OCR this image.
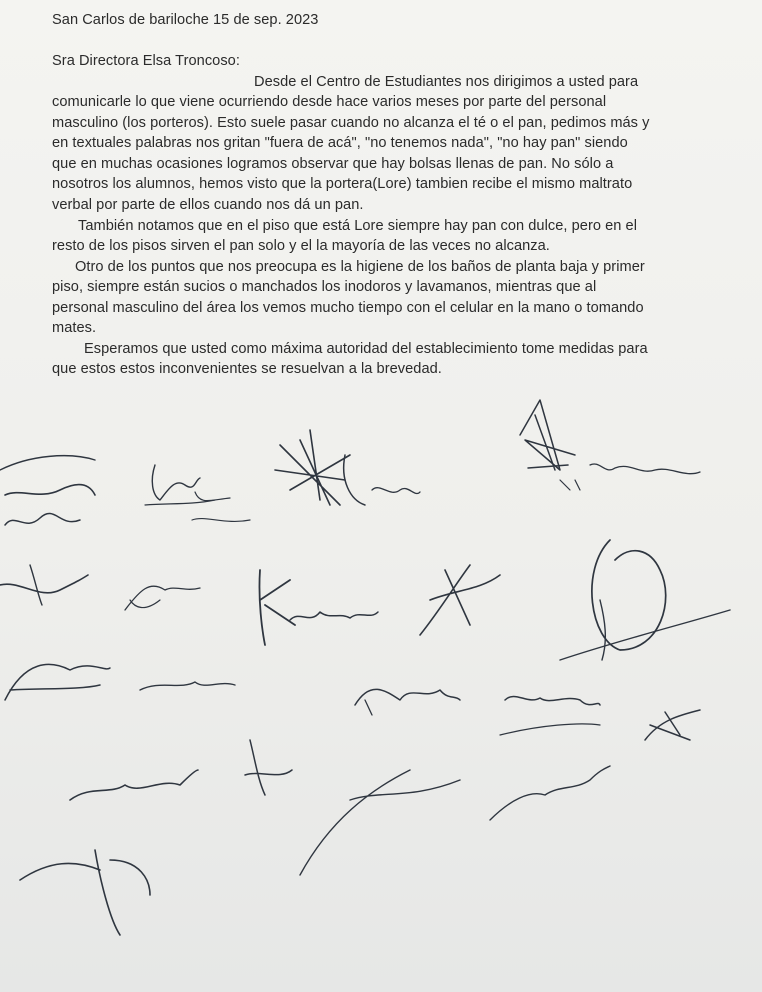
San Carlos de bariloche 15 de sep. 2023
Sra Directora Elsa Troncoso:
Desde el Centro de Estudiantes nos dirigimos a usted para
comunicarle lo que viene ocurriendo desde hace varios meses por parte del personal
masculino (los porteros). Esto suele pasar cuando no alcanza el té o el pan, pedimos más y
en textuales palabras nos gritan "fuera de acá", "no tenemos nada", "no hay pan" siendo
que en muchas ocasiones logramos observar que hay bolsas llenas de pan. No sólo a
nosotros los alumnos, hemos visto que la portera(Lore) tambien recibe el mismo maltrato
verbal por parte de ellos cuando nos dá un pan.
También notamos que en el piso que está Lore siempre hay pan con dulce, pero en el
resto de los pisos sirven el pan solo y el la mayoría de las veces no alcanza.
Otro de los puntos que nos preocupa es la higiene de los baños de planta baja y primer
piso, siempre están sucios o manchados los inodoros y lavamanos, mientras que al
personal masculino del área los vemos mucho tiempo con el celular en la mano o tomando
mates.
Esperamos que usted como máxima autoridad del establecimiento tome medidas para
que estos estos inconvenientes se resuelvan a la brevedad.
